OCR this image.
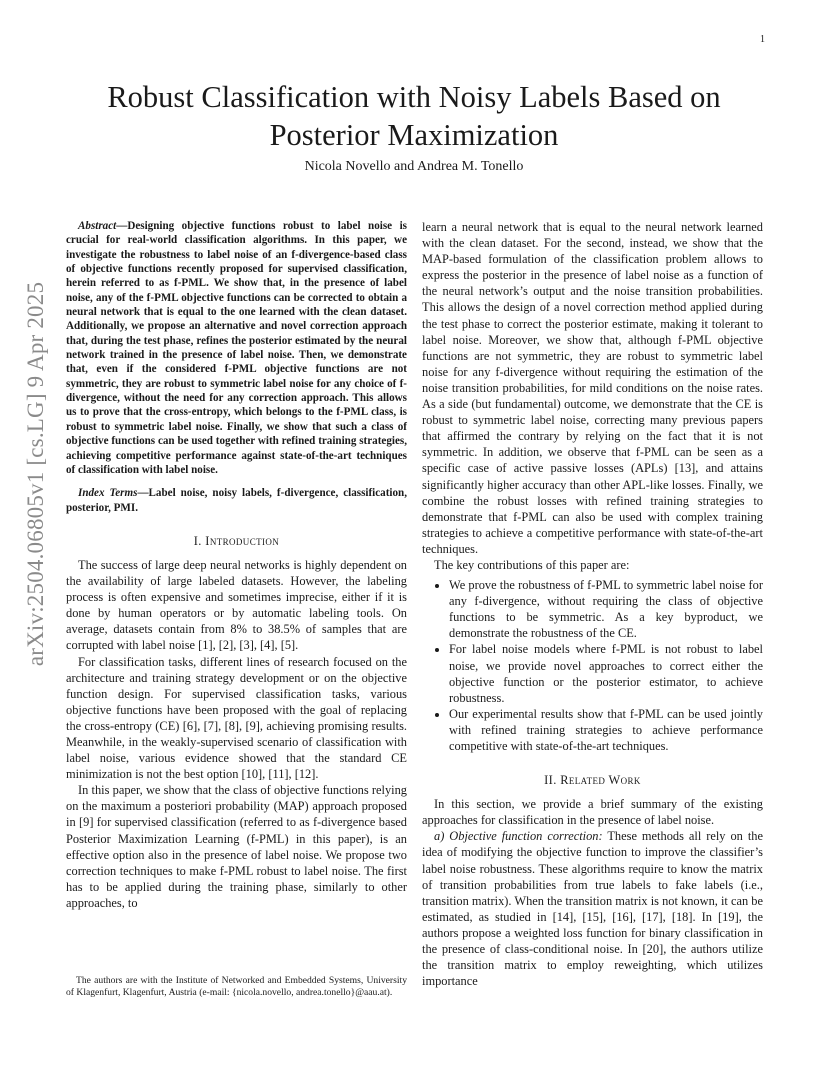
1
arXiv:2504.06805v1 [cs.LG] 9 Apr 2025
Robust Classification with Noisy Labels Based on Posterior Maximization
Nicola Novello and Andrea M. Tonello

Abstract—Designing objective functions robust to label noise is crucial for real-world classification algorithms. In this paper, we investigate the robustness to label noise of an f-divergence-based class of objective functions recently proposed for supervised classification, herein referred to as f-PML. We show that, in the presence of label noise, any of the f-PML objective functions can be corrected to obtain a neural network that is equal to the one learned with the clean dataset. Additionally, we propose an alternative and novel correction approach that, during the test phase, refines the posterior estimated by the neural network trained in the presence of label noise. Then, we demonstrate that, even if the considered f-PML objective functions are not symmetric, they are robust to symmetric label noise for any choice of f-divergence, without the need for any correction approach. This allows us to prove that the cross-entropy, which belongs to the f-PML class, is robust to symmetric label noise. Finally, we show that such a class of objective functions can be used together with refined training strategies, achieving competitive performance against state-of-the-art techniques of classification with label noise.

Index Terms—Label noise, noisy labels, f-divergence, classification, posterior, PMI.

I. Introduction

The success of large deep neural networks is highly dependent on the availability of large labeled datasets. However, the labeling process is often expensive and sometimes imprecise, either if it is done by human operators or by automatic labeling tools. On average, datasets contain from 8% to 38.5% of samples that are corrupted with label noise [1], [2], [3], [4], [5].

For classification tasks, different lines of research focused on the architecture and training strategy development or on the objective function design. For supervised classification tasks, various objective functions have been proposed with the goal of replacing the cross-entropy (CE) [6], [7], [8], [9], achieving promising results. Meanwhile, in the weakly-supervised scenario of classification with label noise, various evidence showed that the standard CE minimization is not the best option [10], [11], [12].

In this paper, we show that the class of objective functions relying on the maximum a posteriori probability (MAP) approach proposed in [9] for supervised classification (referred to as f-divergence based Posterior Maximization Learning (f-PML) in this paper), is an effective option also in the presence of label noise. We propose two correction techniques to make f-PML robust to label noise. The first has to be applied during the training phase, similarly to other approaches, to

learn a neural network that is equal to the neural network learned with the clean dataset. For the second, instead, we show that the MAP-based formulation of the classification problem allows to express the posterior in the presence of label noise as a function of the neural network’s output and the noise transition probabilities. This allows the design of a novel correction method applied during the test phase to correct the posterior estimate, making it tolerant to label noise. Moreover, we show that, although f-PML objective functions are not symmetric, they are robust to symmetric label noise for any f-divergence without requiring the estimation of the noise transition probabilities, for mild conditions on the noise rates. As a side (but fundamental) outcome, we demonstrate that the CE is robust to symmetric label noise, correcting many previous papers that affirmed the contrary by relying on the fact that it is not symmetric. In addition, we observe that f-PML can be seen as a specific case of active passive losses (APLs) [13], and attains significantly higher accuracy than other APL-like losses. Finally, we combine the robust losses with refined training strategies to demonstrate that f-PML can also be used with complex training strategies to achieve a competitive performance with state-of-the-art techniques.

The key contributions of this paper are:

• We prove the robustness of f-PML to symmetric label noise for any f-divergence, without requiring the class of objective functions to be symmetric. As a key byproduct, we demonstrate the robustness of the CE.
• For label noise models where f-PML is not robust to label noise, we provide novel approaches to correct either the objective function or the posterior estimator, to achieve robustness.
• Our experimental results show that f-PML can be used jointly with refined training strategies to achieve performance competitive with state-of-the-art techniques.
II. Related Work

In this section, we provide a brief summary of the existing approaches for classification in the presence of label noise.

a) Objective function correction: These methods all rely on the idea of modifying the objective function to improve the classifier’s label noise robustness. These algorithms require to know the matrix of transition probabilities from true labels to fake labels (i.e., transition matrix). When the transition matrix is not known, it can be estimated, as studied in [14], [15], [16], [17], [18]. In [19], the authors propose a weighted loss function for binary classification in the presence of class-conditional noise. In [20], the authors utilize the transition matrix to employ reweighting, which utilizes importance

The authors are with the Institute of Networked and Embedded Systems, University of Klagenfurt, Klagenfurt, Austria (e-mail: {nicola.novello, andrea.tonello}@aau.at).
